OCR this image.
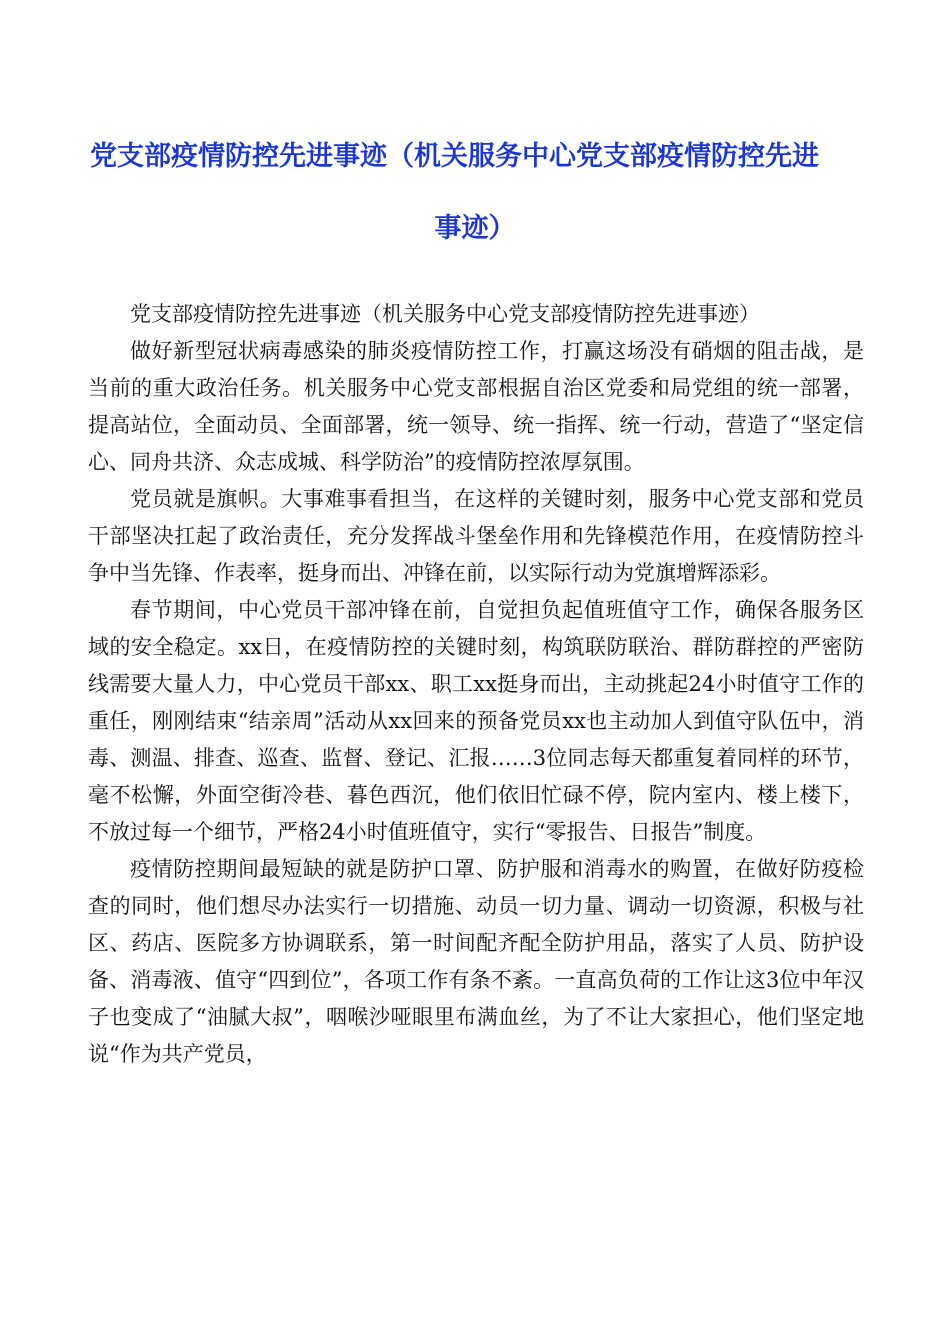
党支部疫情防控先进事迹（机关服务中心党支部疫情防控先进
事迹）

党支部疫情防控先进事迹（机关服务中心党支部疫情防控先进事迹）

做好新型冠状病毒感染的肺炎疫情防控工作，打赢这场没有硝烟的阻击战，是当前的重大政治任务。机关服务中心党支部根据自治区党委和局党组的统一部署，提高站位，全面动员、全面部署，统一领导、统一指挥、统一行动，营造了“坚定信心、同舟共济、众志成城、科学防治”的疫情防控浓厚氛围。

党员就是旗帜。大事难事看担当，在这样的关键时刻，服务中心党支部和党员干部坚决扛起了政治责任，充分发挥战斗堡垒作用和先锋模范作用，在疫情防控斗争中当先锋、作表率，挺身而出、冲锋在前，以实际行动为党旗增辉添彩。

春节期间，中心党员干部冲锋在前，自觉担负起值班值守工作，确保各服务区域的安全稳定。xx日，在疫情防控的关键时刻，构筑联防联治、群防群控的严密防线需要大量人力，中心党员干部xx、职工xx挺身而出，主动挑起24小时值守工作的重任，刚刚结束“结亲周”活动从xx回来的预备党员xx也主动加人到值守队伍中，消毒、测温、排查、巡查、监督、登记、汇报……3位同志每天都重复着同样的环节，毫不松懈，外面空街冷巷、暮色西沉，他们依旧忙碌不停，院内室内、楼上楼下，不放过每一个细节，严格24小时值班值守，实行“零报告、日报告”制度。

疫情防控期间最短缺的就是防护口罩、防护服和消毒水的购置，在做好防疫检查的同时，他们想尽办法实行一切措施、动员一切力量、调动一切资源，积极与社区、药店、医院多方协调联系，第一时间配齐配全防护用品，落实了人员、防护设备、消毒液、值守“四到位”，各项工作有条不紊。一直高负荷的工作让这3位中年汉子也变成了“油腻大叔”，咽喉沙哑眼里布满血丝，为了不让大家担心，他们坚定地说“作为共产党员，
